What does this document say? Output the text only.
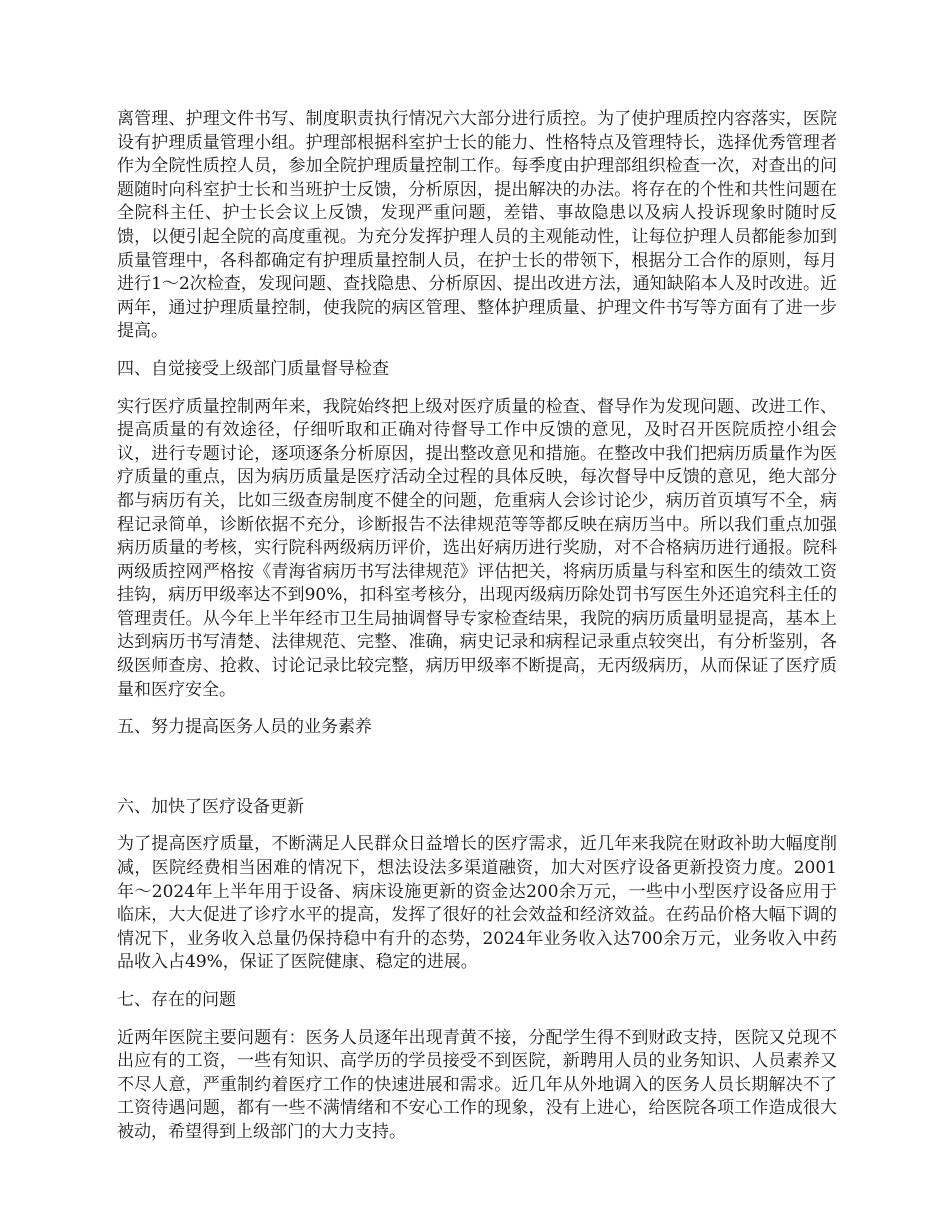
离管理、护理文件书写、制度职责执行情况六大部分进行质控。为了使护理质控内容落实，医院设有护理质量管理小组。护理部根据科室护士长的能力、性格特点及管理特长，选择优秀管理者作为全院性质控人员，参加全院护理质量控制工作。每季度由护理部组织检查一次，对查出的问题随时向科室护士长和当班护士反馈，分析原因，提出解决的办法。将存在的个性和共性问题在全院科主任、护士长会议上反馈，发现严重问题，差错、事故隐患以及病人投诉现象时随时反馈，以便引起全院的高度重视。为充分发挥护理人员的主观能动性，让每位护理人员都能参加到质量管理中，各科都确定有护理质量控制人员，在护士长的带领下，根据分工合作的原则，每月进行1～2次检查，发现问题、查找隐患、分析原因、提出改进方法，通知缺陷本人及时改进。近两年，通过护理质量控制，使我院的病区管理、整体护理质量、护理文件书写等方面有了进一步提高。

四、自觉接受上级部门质量督导检查

实行医疗质量控制两年来，我院始终把上级对医疗质量的检查、督导作为发现问题、改进工作、提高质量的有效途径，仔细听取和正确对待督导工作中反馈的意见，及时召开医院质控小组会议，进行专题讨论，逐项逐条分析原因，提出整改意见和措施。在整改中我们把病历质量作为医疗质量的重点，因为病历质量是医疗活动全过程的具体反映，每次督导中反馈的意见，绝大部分都与病历有关，比如三级查房制度不健全的问题，危重病人会诊讨论少，病历首页填写不全，病程记录简单，诊断依据不充分，诊断报告不法律规范等等都反映在病历当中。所以我们重点加强病历质量的考核，实行院科两级病历评价，选出好病历进行奖励，对不合格病历进行通报。院科两级质控网严格按《青海省病历书写法律规范》评估把关，将病历质量与科室和医生的绩效工资挂钩，病历甲级率达不到90%，扣科室考核分，出现丙级病历除处罚书写医生外还追究科主任的管理责任。从今年上半年经市卫生局抽调督导专家检查结果，我院的病历质量明显提高，基本上达到病历书写清楚、法律规范、完整、准确，病史记录和病程记录重点较突出，有分析鉴别，各级医师查房、抢救、讨论记录比较完整，病历甲级率不断提高，无丙级病历，从而保证了医疗质量和医疗安全。

五、努力提高医务人员的业务素养

六、加快了医疗设备更新

为了提高医疗质量，不断满足人民群众日益增长的医疗需求，近几年来我院在财政补助大幅度削减，医院经费相当困难的情况下，想法设法多渠道融资，加大对医疗设备更新投资力度。2001年～2024年上半年用于设备、病床设施更新的资金达200余万元，一些中小型医疗设备应用于临床，大大促进了诊疗水平的提高，发挥了很好的社会效益和经济效益。在药品价格大幅下调的情况下，业务收入总量仍保持稳中有升的态势，2024年业务收入达700余万元，业务收入中药品收入占49%，保证了医院健康、稳定的进展。

七、存在的问题

近两年医院主要问题有：医务人员逐年出现青黄不接，分配学生得不到财政支持，医院又兑现不出应有的工资，一些有知识、高学历的学员接受不到医院，新聘用人员的业务知识、人员素养又不尽人意，严重制约着医疗工作的快速进展和需求。近几年从外地调入的医务人员长期解决不了工资待遇问题，都有一些不满情绪和不安心工作的现象，没有上进心，给医院各项工作造成很大被动，希望得到上级部门的大力支持。
